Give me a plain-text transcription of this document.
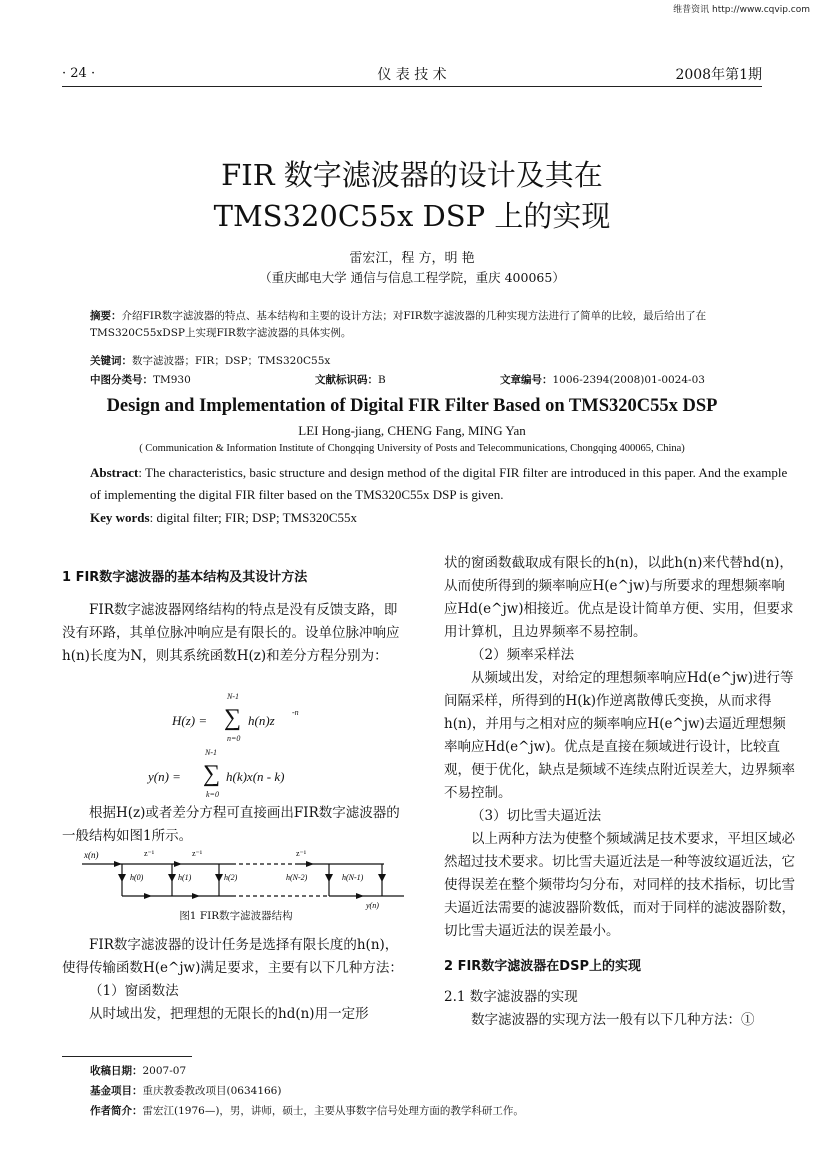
维普资讯 http://www.cqvip.com
· 24 ·	仪 表 技 术	2008年第1期
FIR 数字滤波器的设计及其在
TMS320C55x DSP 上的实现
雷宏江，程 方，明 艳
（重庆邮电大学 通信与信息工程学院，重庆 400065）
摘要：介绍FIR数字滤波器的特点、基本结构和主要的设计方法；对FIR数字滤波器的几种实现方法进行了简单的比较，最后给出了在TMS320C55xDSP上实现FIR数字滤波器的具体实例。
关键词：数字滤波器；FIR；DSP；TMS320C55x
中图分类号：TM930	文献标识码：B	文章编号：1006-2394(2008)01-0024-03
Design and Implementation of Digital FIR Filter Based on TMS320C55x DSP
LEI Hong-jiang, CHENG Fang, MING Yan
( Communication & Information Institute of Chongqing University of Posts and Telecommunications, Chongqing 400065, China)
Abstract: The characteristics, basic structure and design method of the digital FIR filter are introduced in this paper. And the example of implementing the digital FIR filter based on the TMS320C55x DSP is given.
Key words: digital filter; FIR; DSP; TMS320C55x

1 FIR数字滤波器的基本结构及其设计方法

FIR数字滤波器网络结构的特点是没有反馈支路，即没有环路，其单位脉冲响应是有限长的。设单位脉冲响应h(n)长度为N，则其系统函数H(z)和差分方程分别为：

H(z) =
N-1
∑
n=0
h(n)z
-n
y(n) =
N-1
∑
k=0
h(k)x(n - k)

根据H(z)或者差分方程可直接画出FIR数字滤波器的一般结构如图1所示。

x(n)	z⁻¹	z⁻¹	z⁻¹
h(0)	h(1)	h(2)	h(N-2)	h(N-1)
y(n)
图1 FIR数字滤波器结构

FIR数字滤波器的设计任务是选择有限长度的h(n)，使得传输函数H(e^jw)满足要求，主要有以下几种方法：

（1）窗函数法

从时域出发，把理想的无限长的hd(n)用一定形

状的窗函数截取成有限长的h(n)，以此h(n)来代替hd(n)，从而使所得到的频率响应H(e^jw)与所要求的理想频率响应Hd(e^jw)相接近。优点是设计简单方便、实用，但要求用计算机，且边界频率不易控制。

（2）频率采样法

从频域出发，对给定的理想频率响应Hd(e^jw)进行等间隔采样，所得到的H(k)作逆离散傅氏变换，从而求得h(n)，并用与之相对应的频率响应H(e^jw)去逼近理想频率响应Hd(e^jw)。优点是直接在频域进行设计，比较直观，便于优化，缺点是频域不连续点附近误差大，边界频率不易控制。

（3）切比雪夫逼近法

以上两种方法为使整个频域满足技术要求，平坦区域必然超过技术要求。切比雪夫逼近法是一种等波纹逼近法，它使得误差在整个频带均匀分布，对同样的技术指标，切比雪夫逼近法需要的滤波器阶数低，而对于同样的滤波器阶数，切比雪夫逼近法的误差最小。

2 FIR数字滤波器在DSP上的实现

2.1 数字滤波器的实现

数字滤波器的实现方法一般有以下几种方法：①

收稿日期：2007-07
基金项目：重庆教委教改项目(0634166)
作者简介：雷宏江(1976—)，男，讲师，硕士，主要从事数字信号处理方面的教学科研工作。
